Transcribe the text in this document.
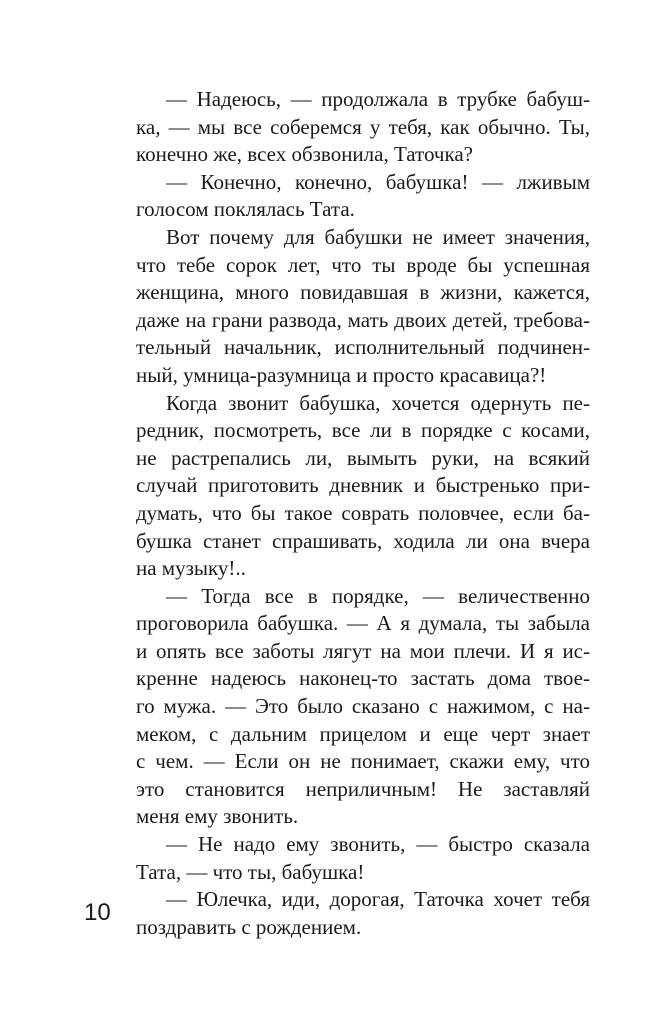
— Надеюсь, — продолжала в трубке бабуш-
ка, — мы все соберемся у тебя, как обычно. Ты,
конечно же, всех обзвонила, Таточка?
— Конечно, конечно, бабушка! — лживым
голосом поклялась Тата.
Вот почему для бабушки не имеет значения,
что тебе сорок лет, что ты вроде бы успешная
женщина, много повидавшая в жизни, кажется,
даже на грани развода, мать двоих детей, требова-
тельный начальник, исполнительный подчинен-
ный, умница-разумница и просто красавица?!
Когда звонит бабушка, хочется одернуть пе-
редник, посмотреть, все ли в порядке с косами,
не растрепались ли, вымыть руки, на всякий
случай приготовить дневник и быстренько при-
думать, что бы такое соврать половчее, если ба-
бушка станет спрашивать, ходила ли она вчера
на музыку!..
— Тогда все в порядке, — величественно
проговорила бабушка. — А я думала, ты забыла
и опять все заботы лягут на мои плечи. И я ис-
кренне надеюсь наконец-то застать дома твое-
го мужа. — Это было сказано с нажимом, с на-
меком, с дальним прицелом и еще черт знает
с чем. — Если он не понимает, скажи ему, что
это становится неприличным! Не заставляй
меня ему звонить.
— Не надо ему звонить, — быстро сказала
Тата, — что ты, бабушка!
— Юлечка, иди, дорогая, Таточка хочет тебя
поздравить с рождением.
10
